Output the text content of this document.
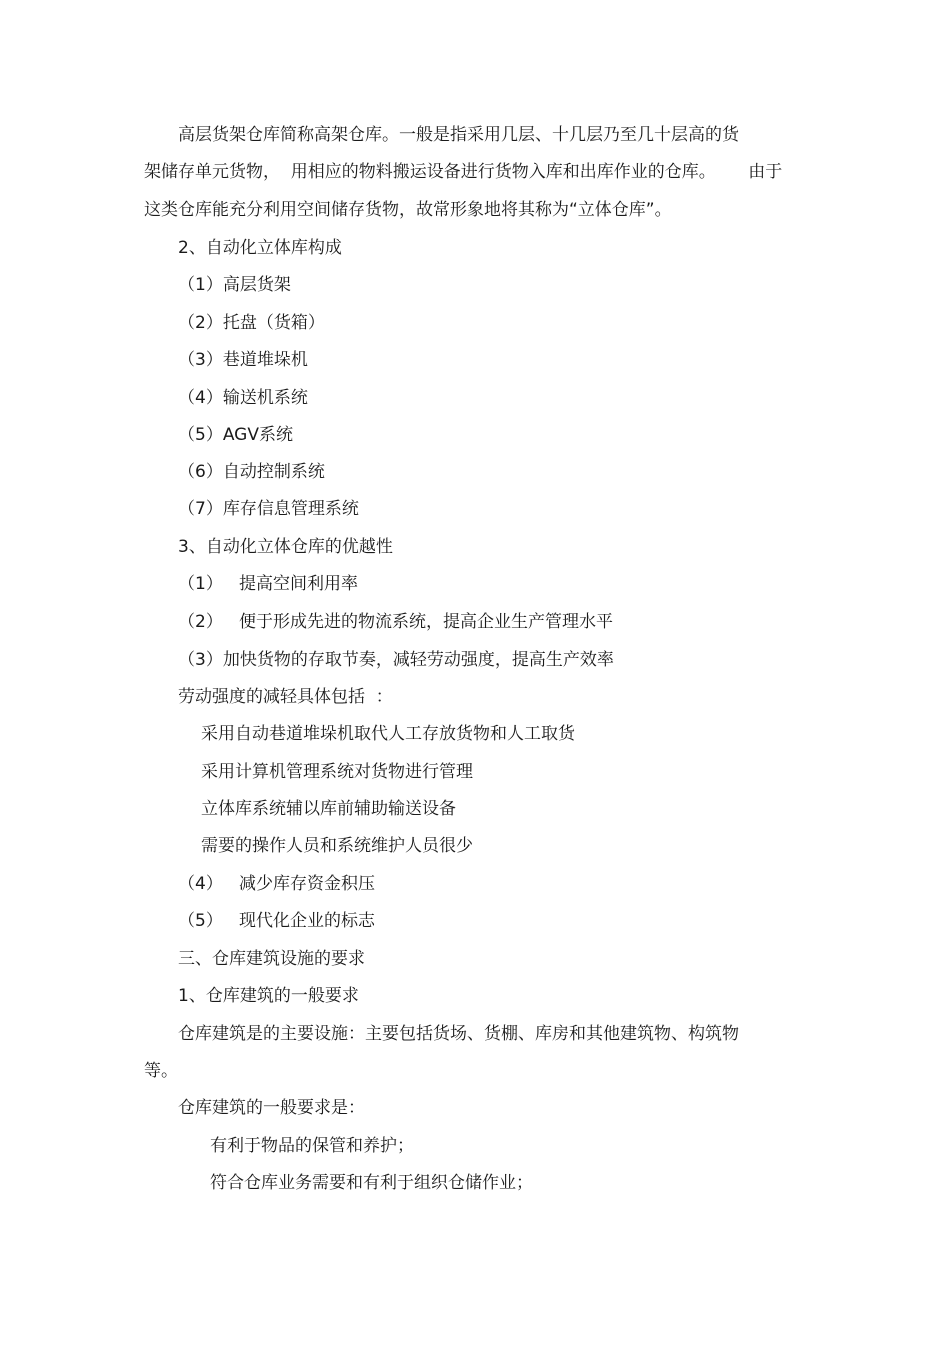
高层货架仓库简称高架仓库。一般是指采用几层、十几层乃至几十层高的货
架储存单元货物，  用相应的物料搬运设备进行货物入库和出库作业的仓库。      由于
这类仓库能充分利用空间储存货物，故常形象地将其称为“立体仓库”。
2、自动化立体库构成
（1）高层货架
（2）托盘（货箱）
（3）巷道堆垛机
（4）输送机系统
（5）AGV系统
（6）自动控制系统
（7）库存信息管理系统
3、自动化立体仓库的优越性
（1）   提高空间利用率
（2）   便于形成先进的物流系统，提高企业生产管理水平
（3）加快货物的存取节奏，减轻劳动强度，提高生产效率
劳动强度的减轻具体包括  ：
采用自动巷道堆垛机取代人工存放货物和人工取货
采用计算机管理系统对货物进行管理
立体库系统辅以库前辅助输送设备
需要的操作人员和系统维护人员很少
（4）   减少库存资金积压
（5）   现代化企业的标志
三、仓库建筑设施的要求
1、仓库建筑的一般要求
仓库建筑是的主要设施：主要包括货场、货棚、库房和其他建筑物、构筑物
等。
仓库建筑的一般要求是：
有利于物品的保管和养护；
符合仓库业务需要和有利于组织仓储作业；
